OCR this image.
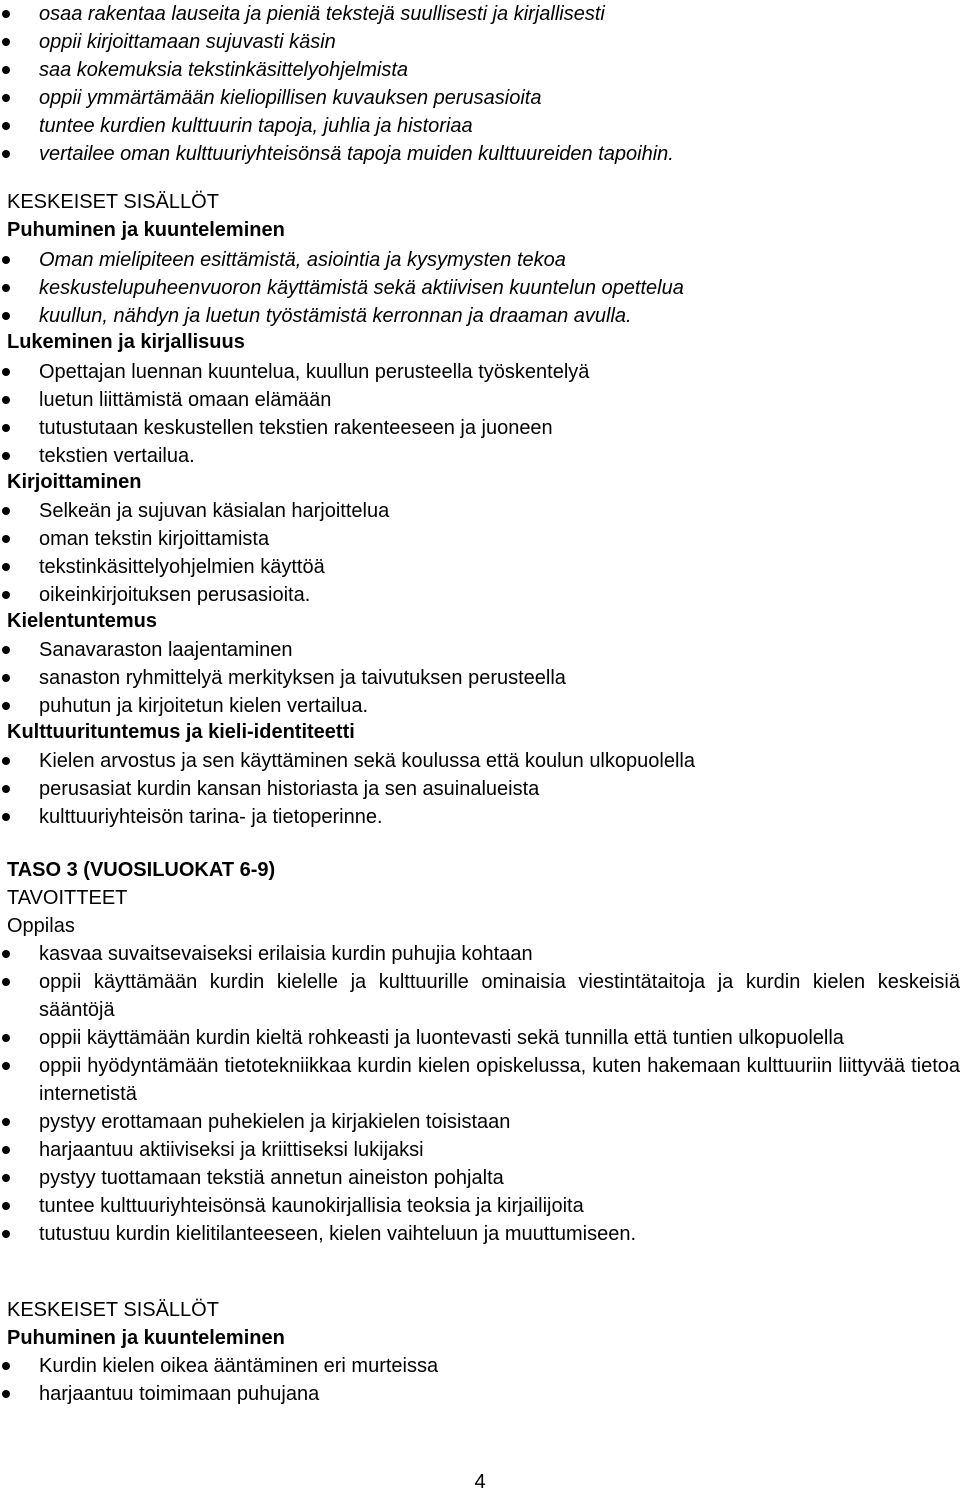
osaa rakentaa lauseita ja pieniä tekstejä suullisesti ja kirjallisesti
oppii kirjoittamaan sujuvasti käsin
saa kokemuksia tekstinkäsittelyohjelmista
oppii ymmärtämään kieliopillisen kuvauksen perusasioita
tuntee kurdien kulttuurin tapoja, juhlia ja historiaa
vertailee oman kulttuuriyhteisönsä tapoja muiden kulttuureiden tapoihin.
KESKEISET SISÄLLÖT
Puhuminen ja kuunteleminen
Oman mielipiteen esittämistä, asiointia ja kysymysten tekoa
keskustelupuheenvuoron käyttämistä sekä aktiivisen kuuntelun opettelua
kuullun, nähdyn ja luetun työstämistä kerronnan ja draaman avulla.
Lukeminen ja kirjallisuus
Opettajan luennan kuuntelua, kuullun perusteella työskentelyä
luetun liittämistä omaan elämään
tutustutaan keskustellen tekstien rakenteeseen ja juoneen
tekstien vertailua.
Kirjoittaminen
Selkeän ja sujuvan käsialan harjoittelua
oman tekstin kirjoittamista
tekstinkäsittelyohjelmien käyttöä
oikeinkirjoituksen perusasioita.
Kielentuntemus
Sanavaraston laajentaminen
sanaston ryhmittelyä merkityksen ja taivutuksen perusteella
puhutun ja kirjoitetun kielen vertailua.
Kulttuurituntemus ja kieli-identiteetti
Kielen arvostus ja sen käyttäminen sekä koulussa että koulun ulkopuolella
perusasiat kurdin kansan historiasta ja sen asuinalueista
kulttuuriyhteisön tarina- ja tietoperinne.
TASO 3 (VUOSILUOKAT 6-9)
TAVOITTEET
Oppilas
kasvaa suvaitsevaiseksi erilaisia kurdin puhujia kohtaan
oppii käyttämään kurdin kielelle ja kulttuurille ominaisia viestintätaitoja ja kurdin kielen keskeisiä sääntöjä
oppii käyttämään kurdin kieltä rohkeasti ja luontevasti sekä tunnilla että tuntien ulkopuolella
oppii hyödyntämään tietotekniikkaa kurdin kielen opiskelussa, kuten hakemaan kulttuuriin liittyvää tietoa internetistä
pystyy erottamaan puhekielen ja kirjakielen toisistaan
harjaantuu aktiiviseksi ja kriittiseksi lukijaksi
pystyy tuottamaan tekstiä annetun aineiston pohjalta
tuntee kulttuuriyhteisönsä kaunokirjallisia teoksia ja kirjailijoita
tutustuu kurdin kielitilanteeseen, kielen vaihteluun ja muuttumiseen.
KESKEISET SISÄLLÖT
Puhuminen ja kuunteleminen
Kurdin kielen oikea ääntäminen eri murteissa
harjaantuu toimimaan puhujana
4
